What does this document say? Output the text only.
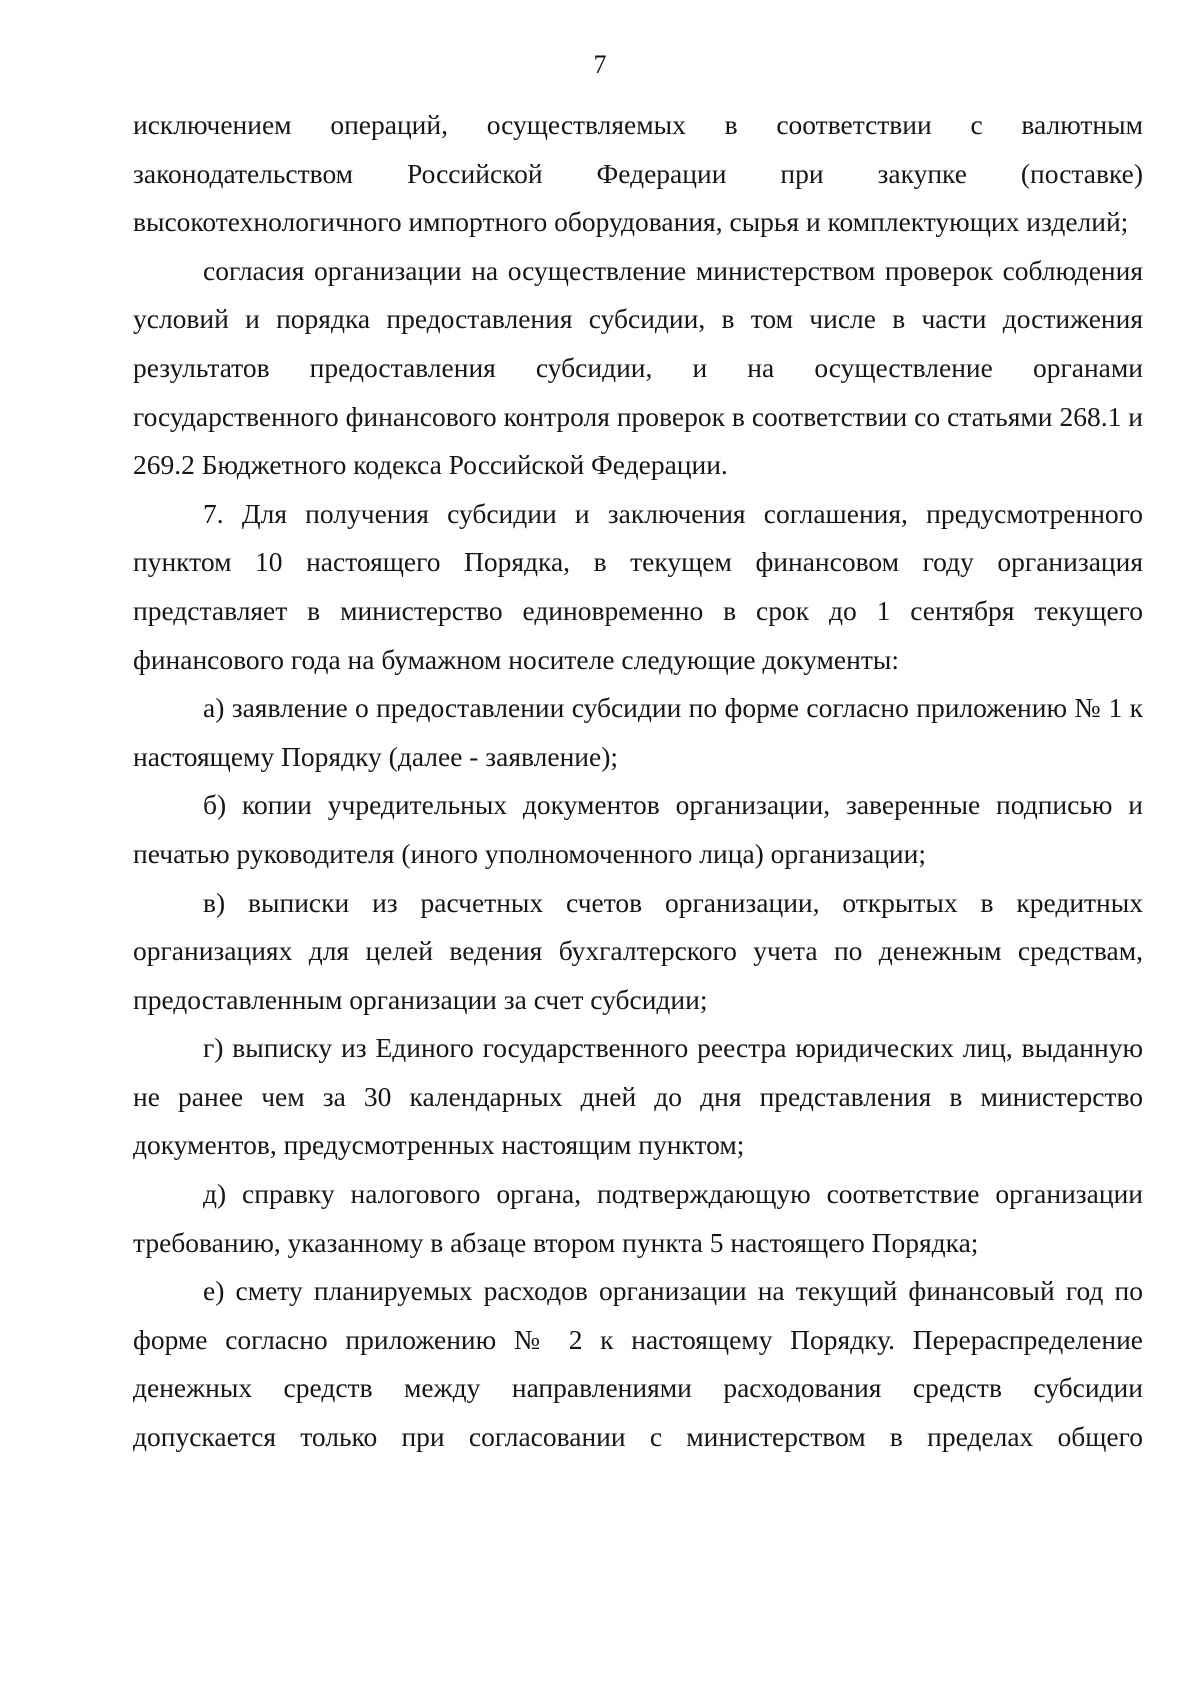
7

исключением операций, осуществляемых в соответствии с валютным законодательством Российской Федерации при закупке (поставке) высокотехнологичного импортного оборудования, сырья и комплектующих изделий;

согласия организации на осуществление министерством проверок соблюдения условий и порядка предоставления субсидии, в том числе в части достижения результатов предоставления субсидии, и на осуществление органами государственного финансового контроля проверок в соответствии со статьями 268.1 и 269.2 Бюджетного кодекса Российской Федерации.

7. Для получения субсидии и заключения соглашения, предусмотренного пунктом 10 настоящего Порядка, в текущем финансовом году организация представляет в министерство единовременно в срок до 1 сентября текущего финансового года на бумажном носителе следующие документы:

а) заявление о предоставлении субсидии по форме согласно приложению № 1 к настоящему Порядку (далее - заявление);

б) копии учредительных документов организации, заверенные подписью и печатью руководителя (иного уполномоченного лица) организации;

в) выписки из расчетных счетов организации, открытых в кредитных организациях для целей ведения бухгалтерского учета по денежным средствам, предоставленным организации за счет субсидии;

г) выписку из Единого государственного реестра юридических лиц, выданную не ранее чем за 30 календарных дней до дня представления в министерство документов, предусмотренных настоящим пунктом;

д) справку налогового органа, подтверждающую соответствие организации требованию, указанному в абзаце втором пункта 5 настоящего Порядка;

е) смету планируемых расходов организации на текущий финансовый год по форме согласно приложению № 2 к настоящему Порядку. Перераспределение денежных средств между направлениями расходования средств субсидии допускается только при согласовании с министерством в пределах общего
